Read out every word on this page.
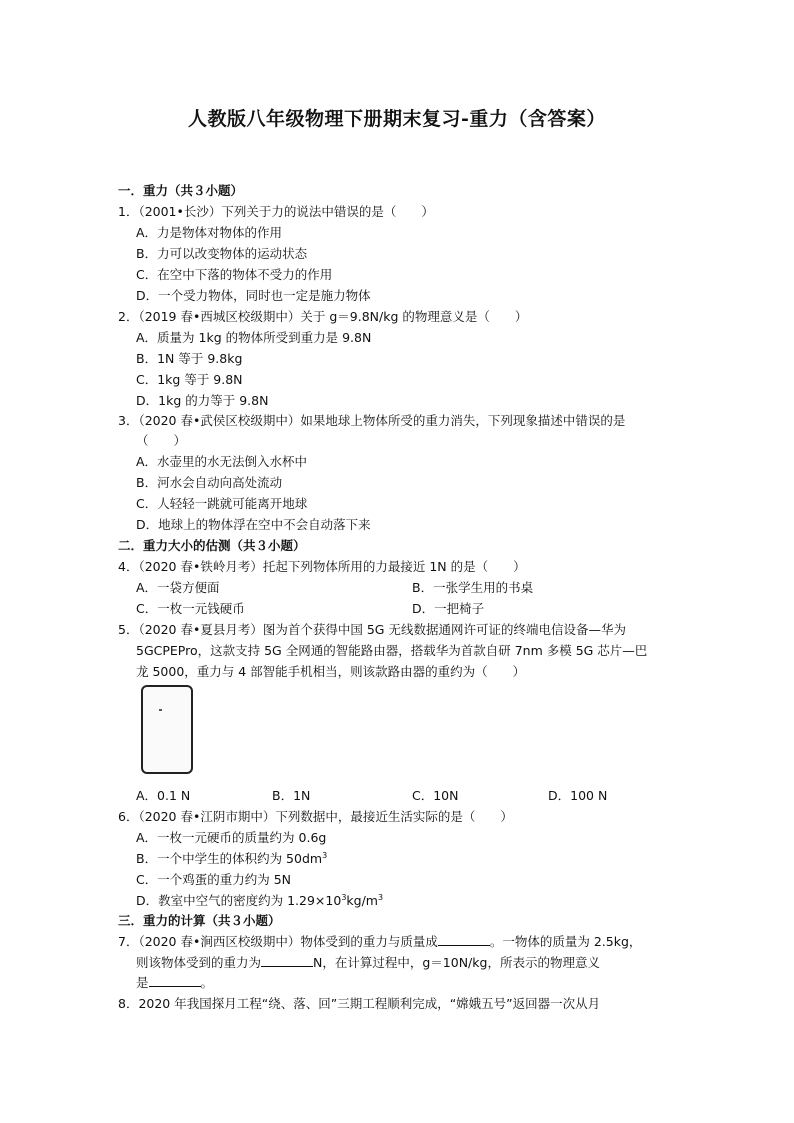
人教版八年级物理下册期末复习-重力（含答案）
一．重力（共３小题）
1．（2001•长沙）下列关于力的说法中错误的是（　　）
A．力是物体对物体的作用
B．力可以改变物体的运动状态
C．在空中下落的物体不受力的作用
D．一个受力物体，同时也一定是施力物体
2．（2019 春•西城区校级期中）关于 g＝9.8N/kg 的物理意义是（　　）
A．质量为 1kg 的物体所受到重力是 9.8N
B．1N 等于 9.8kg
C．1kg 等于 9.8N
D．1kg 的力等于 9.8N
3．（2020 春•武侯区校级期中）如果地球上物体所受的重力消失，下列现象描述中错误的是
（　　）
A．水壶里的水无法倒入水杯中
B．河水会自动向高处流动
C．人轻轻一跳就可能离开地球
D．地球上的物体浮在空中不会自动落下来
二．重力大小的估测（共３小题）
4．（2020 春•铁岭月考）托起下列物体所用的力最接近 1N 的是（　　）
A．一袋方便面	B．一张学生用的书桌
C．一枚一元钱硬币	D．一把椅子
5．（2020 春•夏县月考）图为首个获得中国 5G 无线数据通网许可证的终端电信设备—华为
5GCPEPro，这款支持 5G 全网通的智能路由器，搭载华为首款自研 7nm 多模 5G 芯片—巴
龙 5000，重力与 4 部智能手机相当，则该款路由器的重约为（　　）
A．0.1 N	B．1N	C．10N	D．100 N
6．（2020 春•江阴市期中）下列数据中，最接近生活实际的是（　　）
A．一枚一元硬币的质量约为 0.6g
B．一个中学生的体积约为 $50dm^3$
C．一个鸡蛋的重力约为 5N
D．教室中空气的密度约为 $1.29\times 10^3kg/m^3$
三．重力的计算（共３小题）
7．（2020 春•涧西区校级期中）物体受到的重力与质量成	。一物体的质量为 2.5kg，
则该物体受到的重力为	N，在计算过程中，g＝10N/kg，所表示的物理意义
是	。
8．2020 年我国探月工程“绕、落、回”三期工程顺利完成，“嫦娥五号”返回器一次从月
